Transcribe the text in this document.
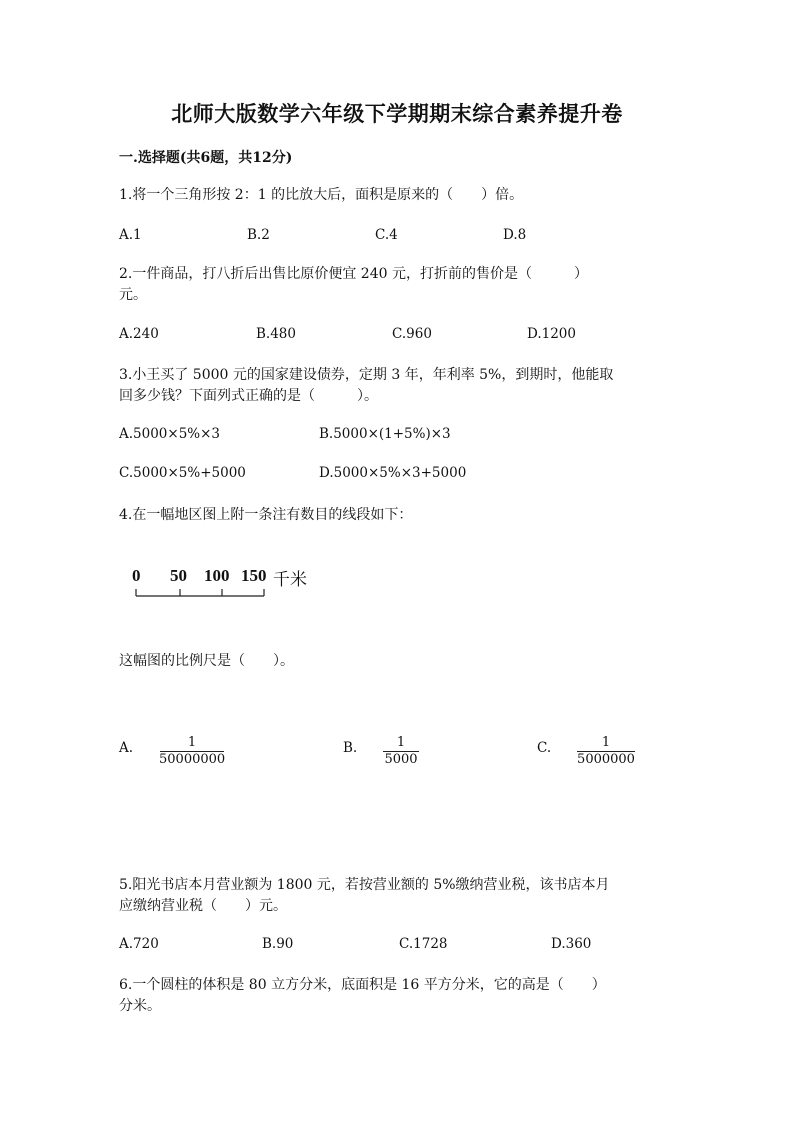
北师大版数学六年级下学期期末综合素养提升卷
一.选择题(共6题，共12分)
1.将一个三角形按 2：1 的比放大后，面积是原来的（　　）倍。
A.1	B.2	C.4	D.8
2.一件商品，打八折后出售比原价便宜 240 元，打折前的售价是（　　　）
元。
A.240	B.480	C.960	D.1200
3.小王买了 5000 元的国家建设债券，定期 3 年，年利率 5%，到期时，他能取
回多少钱？下面列式正确的是（　　　）。
A.5000×5%×3	B.5000×(1+5%)×3
C.5000×5%+5000	D.5000×5%×3+5000
4.在一幅地区图上附一条注有数目的线段如下：
0 50 100 150 千米
这幅图的比例尺是（　　）。
A.	1
50000000
B.	1
5000
C.	1
5000000
5.阳光书店本月营业额为 1800 元，若按营业额的 5%缴纳营业税，该书店本月
应缴纳营业税（　　）元。
A.720	B.90	C.1728	D.360
6.一个圆柱的体积是 80 立方分米，底面积是 16 平方分米，它的高是（　　）
分米。
